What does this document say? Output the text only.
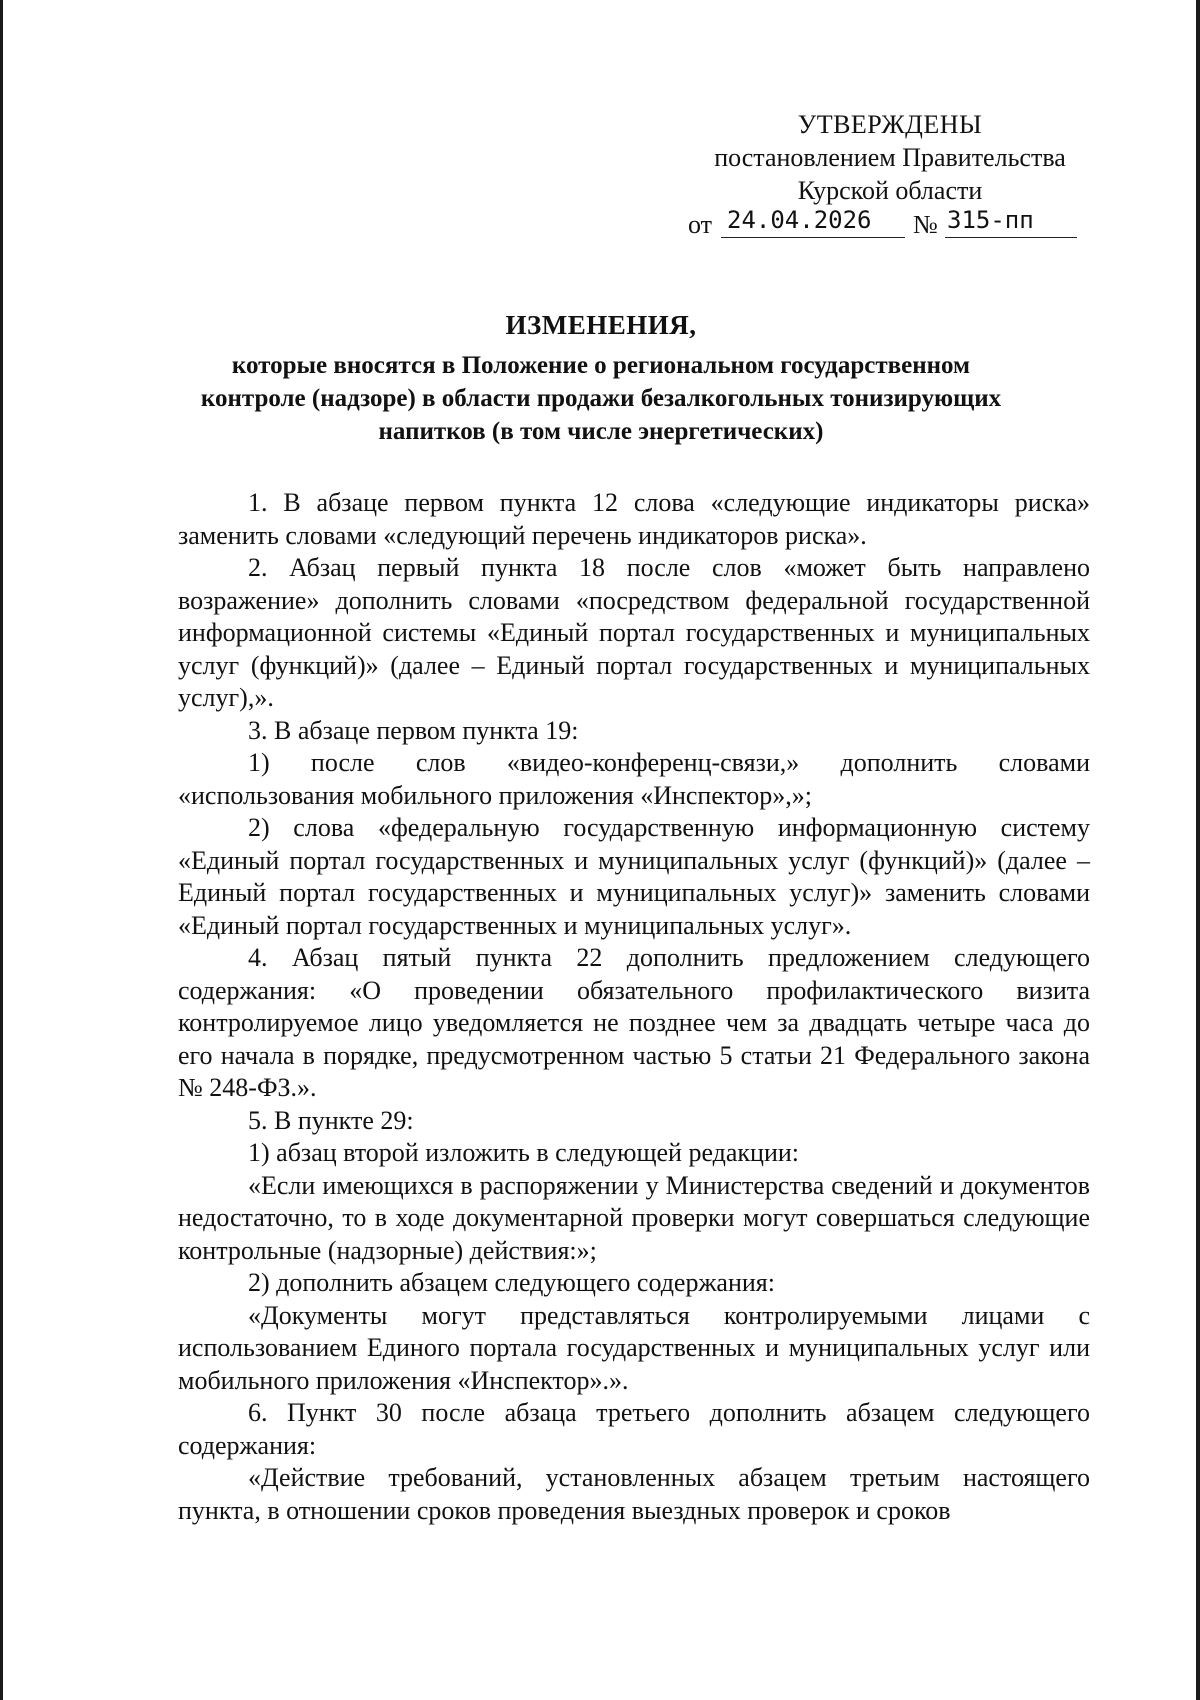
УТВЕРЖДЕНЫ
постановлением Правительства
Курской области
от 24.04.2026	№ 315-пп
ИЗМЕНЕНИЯ,
которые вносятся в Положение о региональном государственном
контроле (надзоре) в области продажи безалкогольных тонизирующих
напитков (в том числе энергетических)

1. В абзаце первом пункта 12 слова «следующие индикаторы риска» заменить словами «следующий перечень индикаторов риска».

2. Абзац первый пункта 18 после слов «может быть направлено возражение» дополнить словами «посредством федеральной государственной информационной системы «Единый портал государственных и муниципальных услуг (функций)» (далее – Единый портал государственных и муниципальных услуг),».

3. В абзаце первом пункта 19:

1) после слов «видео-конференц-связи,» дополнить словами «использования мобильного приложения «Инспектор»,»;

2) слова «федеральную государственную информационную систему «Единый портал государственных и муниципальных услуг (функций)» (далее – Единый портал государственных и муниципальных услуг)» заменить словами «Единый портал государственных и муниципальных услуг».

4. Абзац пятый пункта 22 дополнить предложением следующего содержания: «О проведении обязательного профилактического визита контролируемое лицо уведомляется не позднее чем за двадцать четыре часа до его начала в порядке, предусмотренном частью 5 статьи 21 Федерального закона № 248-ФЗ.».

5. В пункте 29:

1) абзац второй изложить в следующей редакции:

«Если имеющихся в распоряжении у Министерства сведений и документов недостаточно, то в ходе документарной проверки могут совершаться следующие контрольные (надзорные) действия:»;

2) дополнить абзацем следующего содержания:

«Документы могут представляться контролируемыми лицами с использованием Единого портала государственных и муниципальных услуг или мобильного приложения «Инспектор».».

6. Пункт 30 после абзаца третьего дополнить абзацем следующего содержания:

«Действие требований, установленных абзацем третьим настоящего пункта, в отношении сроков проведения выездных проверок и сроков
